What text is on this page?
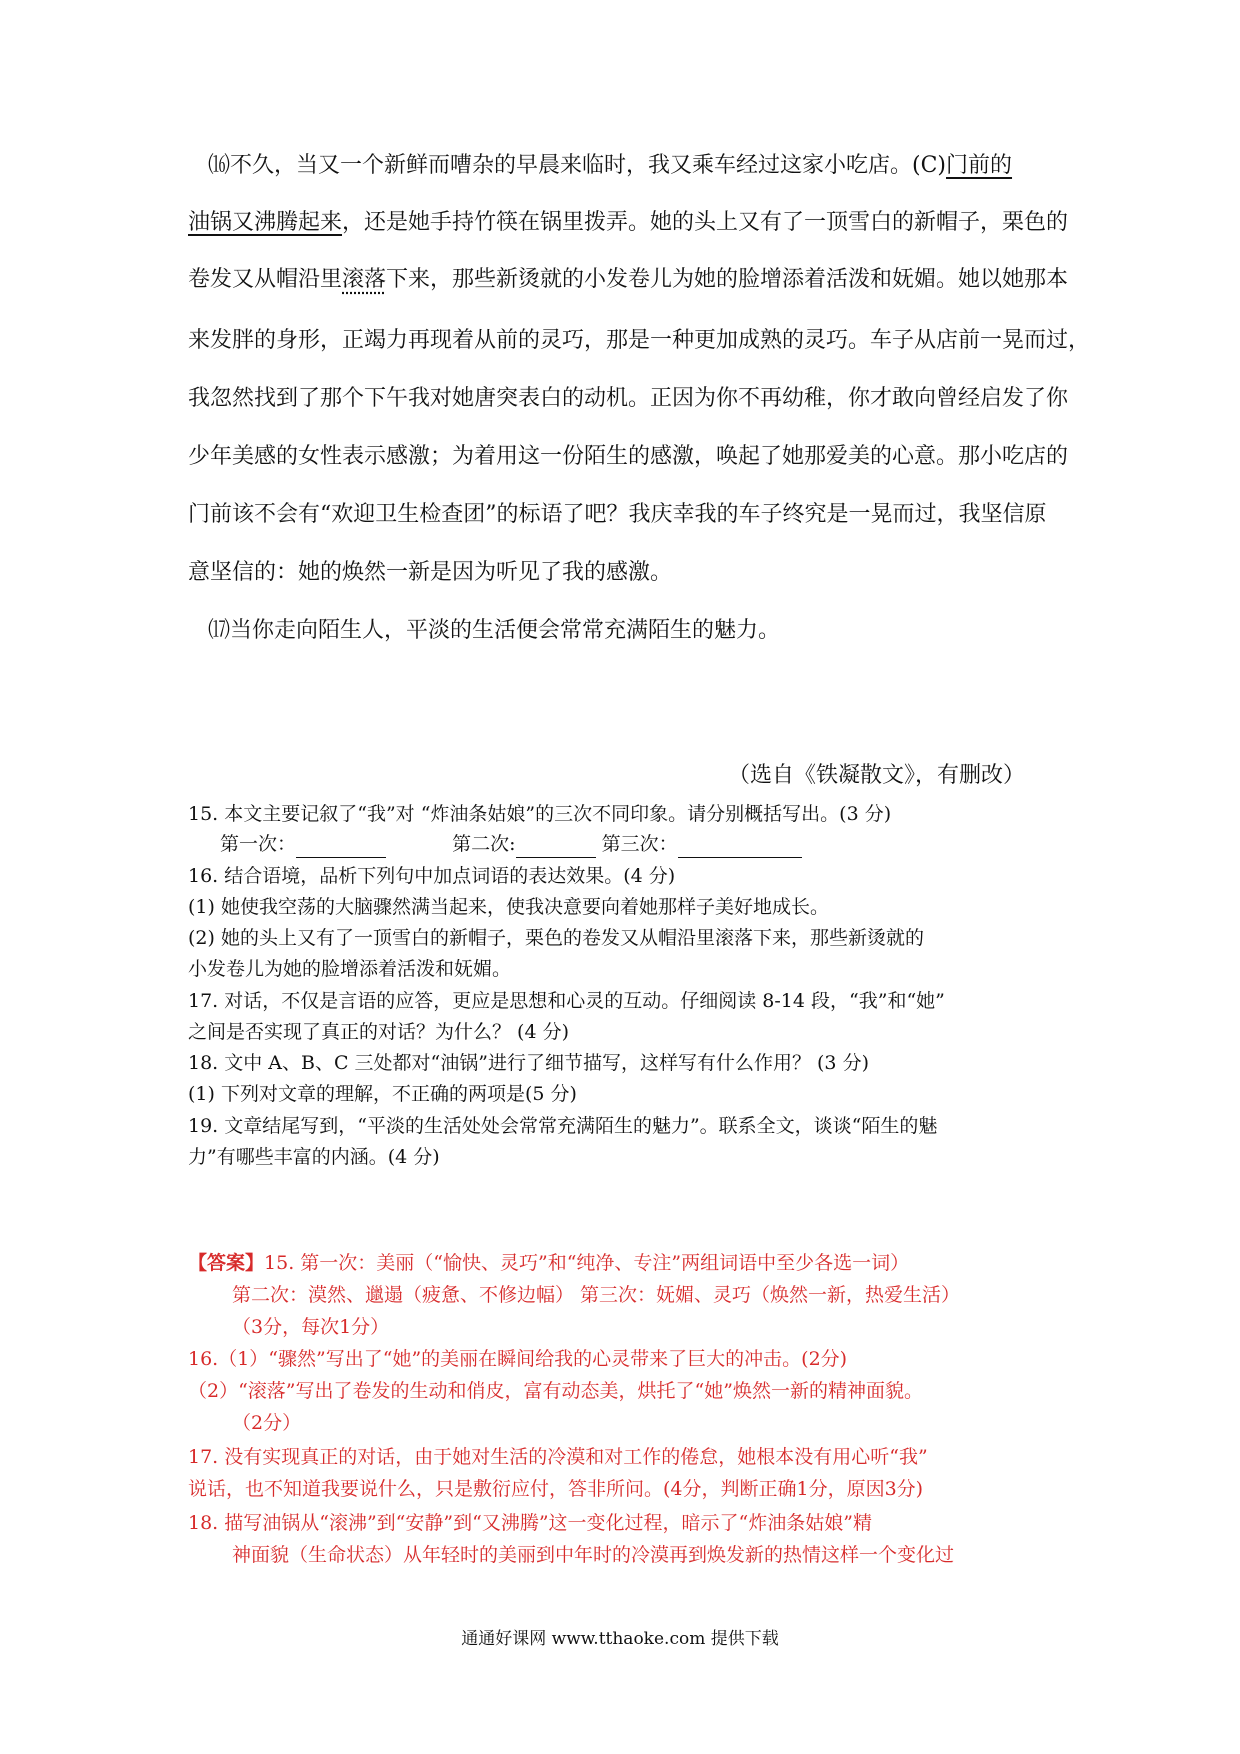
⒃不久，当又一个新鲜而嘈杂的早晨来临时，我又乘车经过这家小吃店。(C)门前的
油锅又沸腾起来，还是她手持竹筷在锅里拨弄。她的头上又有了一顶雪白的新帽子，栗色的
卷发又从帽沿里滚落下来，那些新烫就的小发卷儿为她的脸增添着活泼和妩媚。她以她那本
来发胖的身形，正竭力再现着从前的灵巧，那是一种更加成熟的灵巧。车子从店前一晃而过，
我忽然找到了那个下午我对她唐突表白的动机。正因为你不再幼稚，你才敢向曾经启发了你
少年美感的女性表示感激；为着用这一份陌生的感激，唤起了她那爱美的心意。那小吃店的
门前该不会有“欢迎卫生检查团”的标语了吧？我庆幸我的车子终究是一晃而过，我坚信原
意坚信的：她的焕然一新是因为听见了我的感激。
⒄当你走向陌生人，平淡的生活便会常常充满陌生的魅力。
（选自《铁凝散文》，有删改）
15. 本文主要记叙了“我”对 “炸油条姑娘”的三次不同印象。请分别概括写出。(3 分)
第一次：	第二次:	第三次：
16. 结合语境，品析下列句中加点词语的表达效果。(4 分)
(1) 她使我空荡的大脑骤然满当起来，使我决意要向着她那样子美好地成长。
(2) 她的头上又有了一顶雪白的新帽子，栗色的卷发又从帽沿里滚落下来，那些新烫就的
小发卷儿为她的脸增添着活泼和妩媚。
17. 对话，不仅是言语的应答，更应是思想和心灵的互动。仔细阅读 8-14 段，“我”和“她”
之间是否实现了真正的对话？为什么？ (4 分)
18. 文中 A、B、C 三处都对“油锅”进行了细节描写，这样写有什么作用？ (3 分)
(1) 下列对文章的理解，不正确的两项是(5 分)
19. 文章结尾写到，“平淡的生活处处会常常充满陌生的魅力”。联系全文，谈谈“陌生的魅
力”有哪些丰富的内涵。(4 分)
【答案】15. 第一次：美丽（“愉快、灵巧”和“纯净、专注”两组词语中至少各选一词）
第二次：漠然、邋遢（疲惫、不修边幅） 第三次：妩媚、灵巧（焕然一新，热爱生活）
（3分，每次1分）
16.（1）“骤然”写出了“她”的美丽在瞬间给我的心灵带来了巨大的冲击。(2分)
（2）“滚落”写出了卷发的生动和俏皮，富有动态美，烘托了“她”焕然一新的精神面貌。
（2分）
17. 没有实现真正的对话，由于她对生活的冷漠和对工作的倦怠，她根本没有用心听“我”
说话，也不知道我要说什么，只是敷衍应付，答非所问。(4分，判断正确1分，原因3分)
18. 描写油锅从“滚沸”到“安静”到“又沸腾”这一变化过程，暗示了“炸油条姑娘”精
神面貌（生命状态）从年轻时的美丽到中年时的冷漠再到焕发新的热情这样一个变化过
通通好课网 www.tthaoke.com 提供下载
